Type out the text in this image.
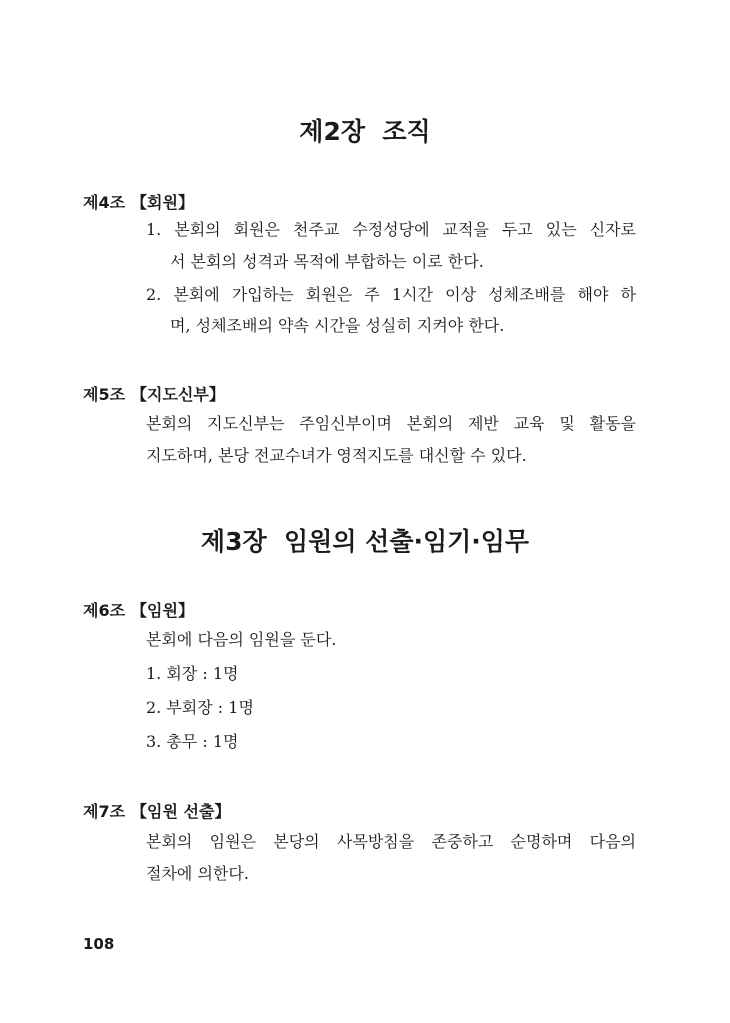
제2장  조직
제4조 【회원】
1. 본회의 회원은 천주교 수정성당에 교적을 두고 있는 신자로
서 본회의 성격과 목적에 부합하는 이로 한다.
2. 본회에 가입하는 회원은 주 1시간 이상 성체조배를 해야 하
며, 성체조배의 약속 시간을 성실히 지켜야 한다.
제5조 【지도신부】
본회의 지도신부는 주임신부이며 본회의 제반 교육 및 활동을
지도하며, 본당 전교수녀가 영적지도를 대신할 수 있다.
제3장  임원의 선출·임기·임무
제6조 【임원】
본회에 다음의 임원을 둔다.
1. 회장 : 1명
2. 부회장 : 1명
3. 총무 : 1명
제7조 【임원 선출】
본회의 임원은 본당의 사목방침을 존중하고 순명하며 다음의
절차에 의한다.
108
